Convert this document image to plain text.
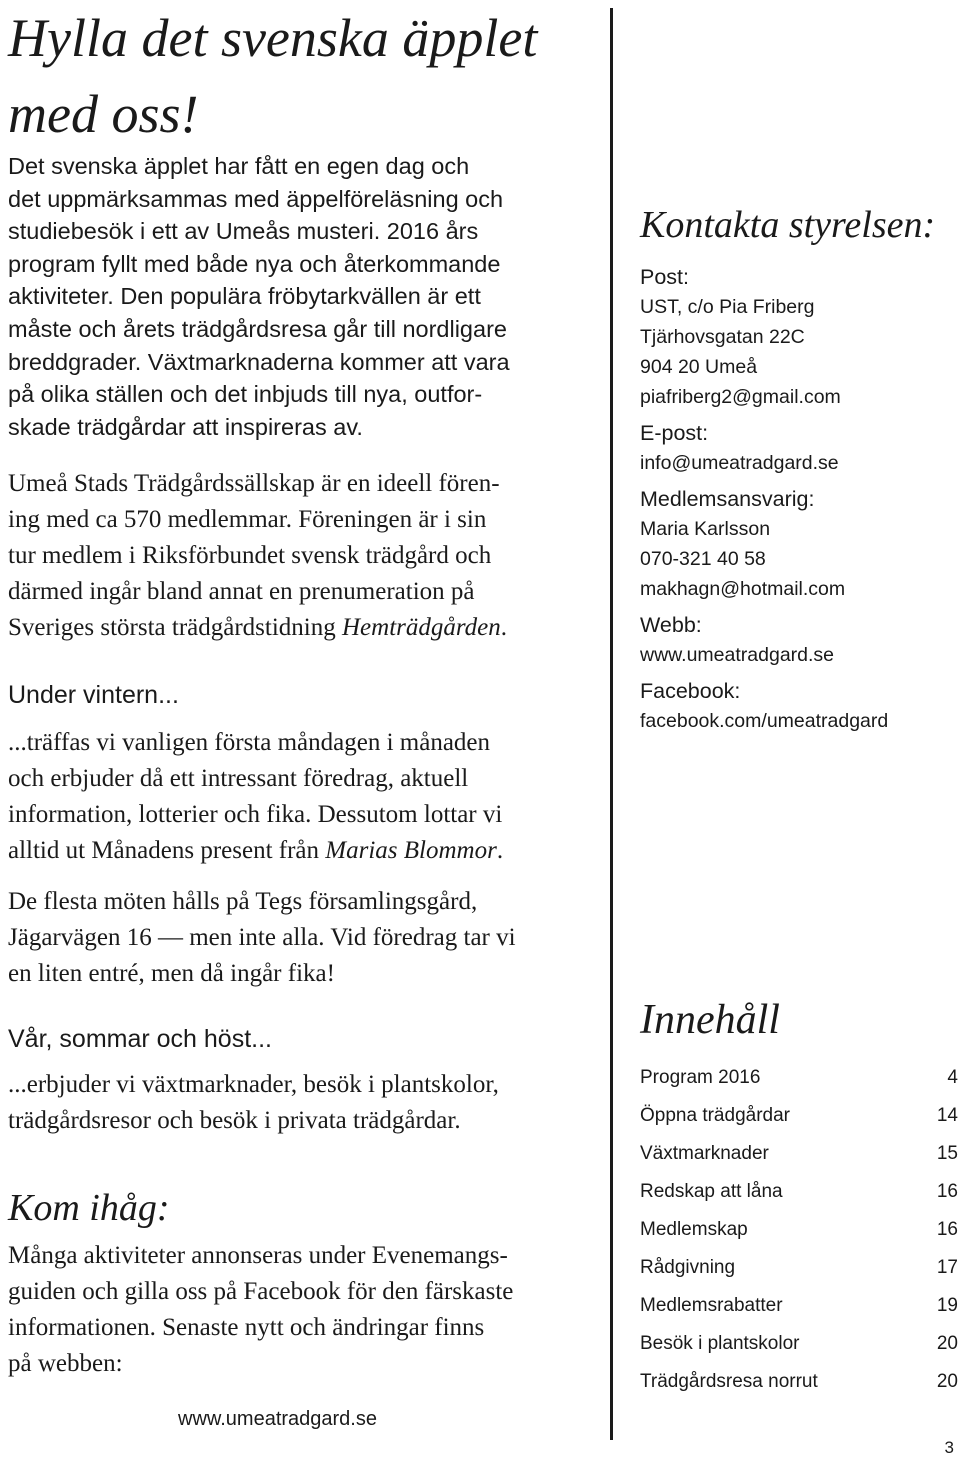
Hylla det svenska äpplet
med oss!
Det svenska äpplet har fått en egen dag och
det uppmärksammas med äppelföreläsning och
studiebesök i ett av Umeås musteri. 2016 års
program fyllt med både nya och återkommande
aktiviteter. Den populära fröbytarkvällen är ett
måste och årets trädgårdsresa går till nordligare
breddgrader. Växtmarknaderna kommer att vara
på olika ställen och det inbjuds till nya, outfor-
skade trädgårdar att inspireras av.
Umeå Stads Trädgårdssällskap är en ideell fören-
ing med ca 570 medlemmar. Föreningen är i sin
tur medlem i Riksförbundet svensk trädgård och
därmed ingår bland annat en prenumeration på
Sveriges största trädgårdstidning Hemträdgården.
Under vintern...
...träffas vi vanligen första måndagen i månaden
och erbjuder då ett intressant föredrag, aktuell
information, lotterier och fika. Dessutom lottar vi
alltid ut Månadens present från Marias Blommor.
De flesta möten hålls på Tegs församlingsgård,
Jägarvägen 16 — men inte alla. Vid föredrag tar vi
en liten entré, men då ingår fika!
Vår, sommar och höst...
...erbjuder vi växtmarknader, besök i plantskolor,
trädgårdsresor och besök i privata trädgårdar.
Kom ihåg:
Många aktiviteter annonseras under Evenemangs-
guiden och gilla oss på Facebook för den färskaste
informationen. Senaste nytt och ändringar finns
på webben:
www.umeatradgard.se
Kontakta styrelsen:

Post:

UST, c/o Pia Friberg

Tjärhovsgatan 22C

904 20 Umeå

piafriberg2@gmail.com

E-post:

info@umeatradgard.se

Medlemsansvarig:

Maria Karlsson

070-321 40 58

makhagn@hotmail.com

Webb:

www.umeatradgard.se

Facebook:

facebook.com/umeatradgard

Innehåll
Program 2016	4
Öppna trädgårdar	14
Växtmarknader	15
Redskap att låna	16
Medlemskap	16
Rådgivning	17
Medlemsrabatter	19
Besök i plantskolor	20
Trädgårdsresa norrut	20
3
